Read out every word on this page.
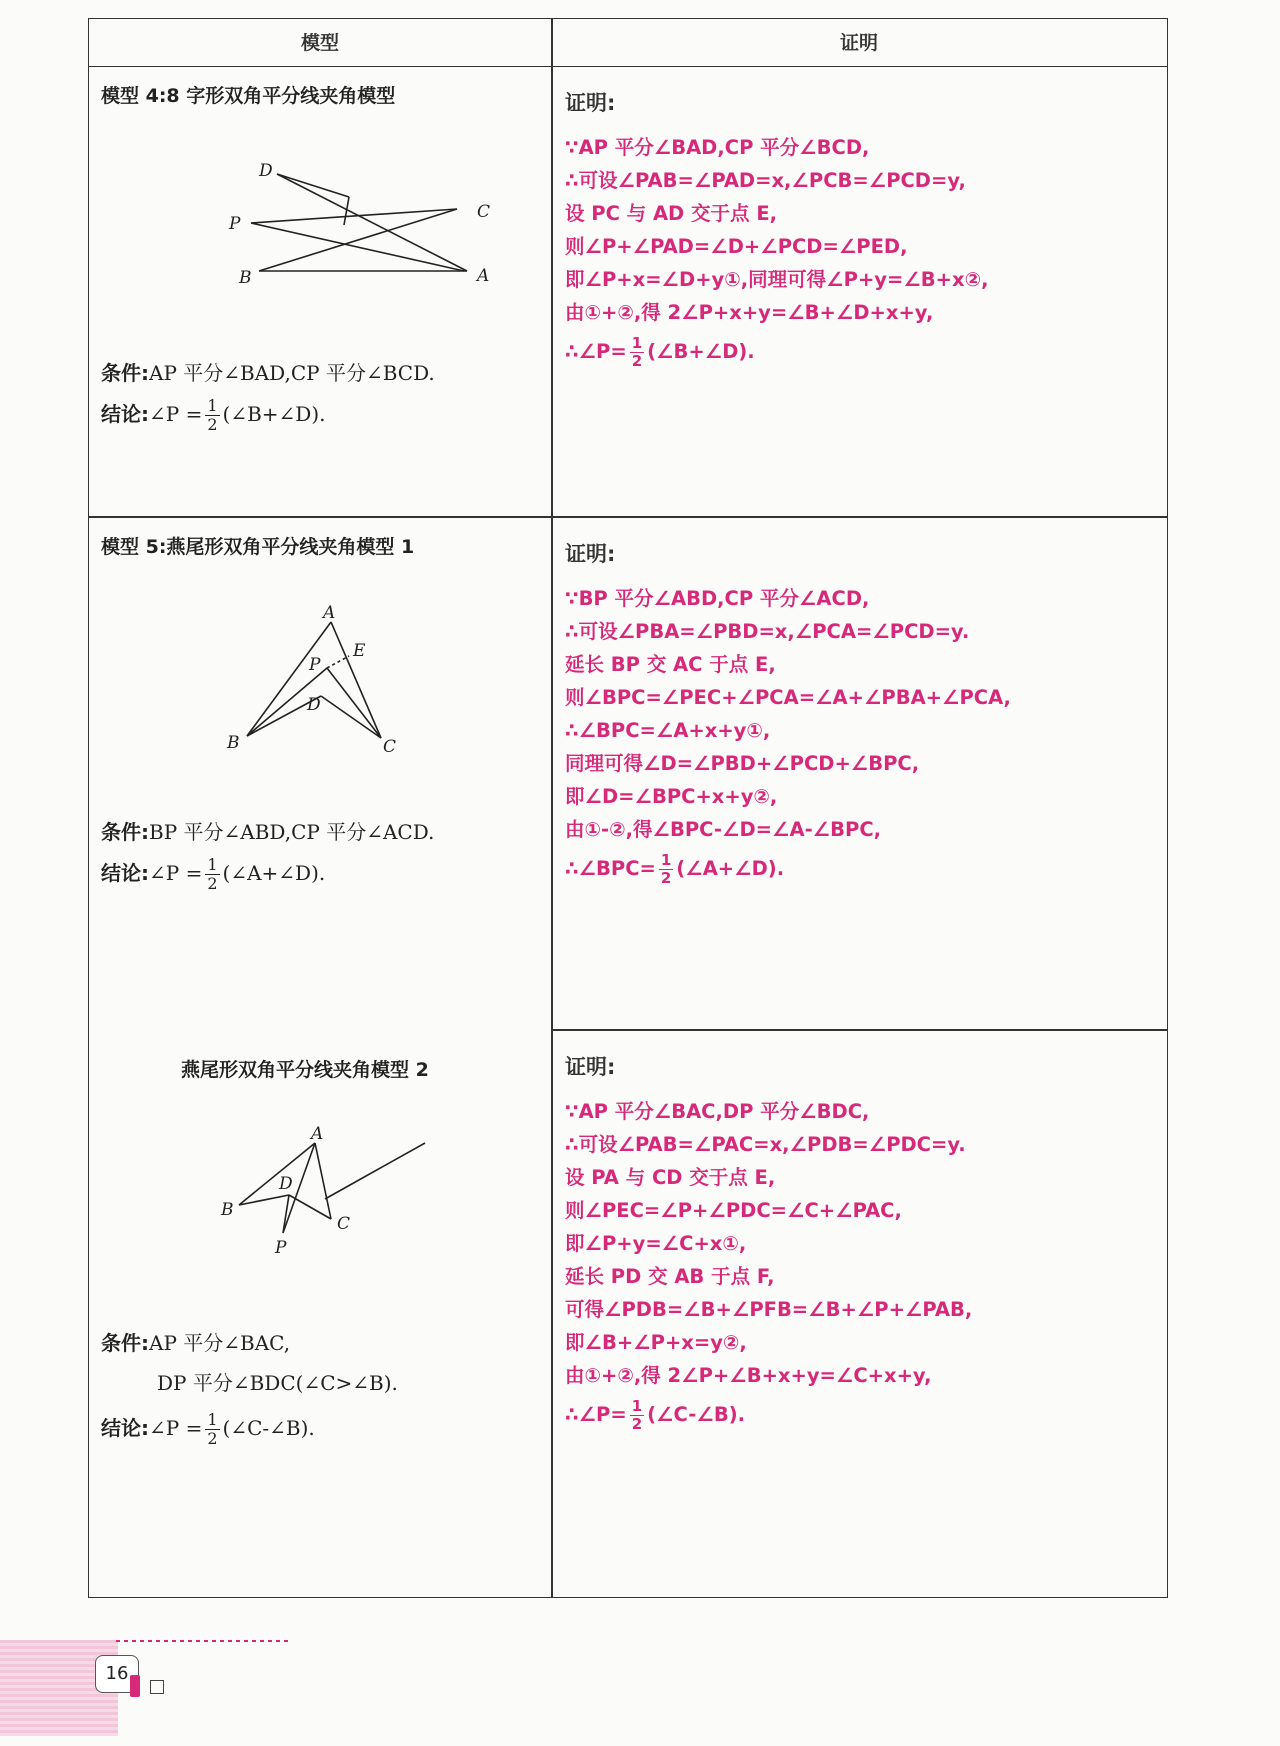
模型	证明
模型 4:8 字形双角平分线夹角模型
D
C
P
B	A
条件:AP 平分∠BAD,CP 平分∠BCD.
结论:∠P = $\frac{1}{2}$ (∠B+∠D).
证明:
∵AP 平分∠BAD,CP 平分∠BCD,
∴可设∠PAB=∠PAD=x,∠PCB=∠PCD=y,
设 PC 与 AD 交于点 E,
则∠P+∠PAD=∠D+∠PCD=∠PED,
即∠P+x=∠D+y①,同理可得∠P+y=∠B+x②,
由①+②,得 2∠P+x+y=∠B+∠D+x+y,
∴∠P= $\frac{1}{2}$ (∠B+∠D).
模型 5:燕尾形双角平分线夹角模型 1
A
E
P
D
B	C
条件:BP 平分∠ABD,CP 平分∠ACD.
结论:∠P = $\frac{1}{2}$ (∠A+∠D).
证明:
∵BP 平分∠ABD,CP 平分∠ACD,
∴可设∠PBA=∠PBD=x,∠PCA=∠PCD=y.
延长 BP 交 AC 于点 E,
则∠BPC=∠PEC+∠PCA=∠A+∠PBA+∠PCA,
∴∠BPC=∠A+x+y①,
同理可得∠D=∠PBD+∠PCD+∠BPC,
即∠D=∠BPC+x+y②,
由①-②,得∠BPC-∠D=∠A-∠BPC,
∴∠BPC= $\frac{1}{2}$ (∠A+∠D).
燕尾形双角平分线夹角模型 2
A
D
B
C
P
条件:AP 平分∠BAC,
DP 平分∠BDC(∠C>∠B).
结论:∠P = $\frac{1}{2}$ (∠C-∠B).
证明:
∵AP 平分∠BAC,DP 平分∠BDC,
∴可设∠PAB=∠PAC=x,∠PDB=∠PDC=y.
设 PA 与 CD 交于点 E,
则∠PEC=∠P+∠PDC=∠C+∠PAC,
即∠P+y=∠C+x①,
延长 PD 交 AB 于点 F,
可得∠PDB=∠B+∠PFB=∠B+∠P+∠PAB,
即∠B+∠P+x=y②,
由①+②,得 2∠P+∠B+x+y=∠C+x+y,
∴∠P= $\frac{1}{2}$ (∠C-∠B).
16
